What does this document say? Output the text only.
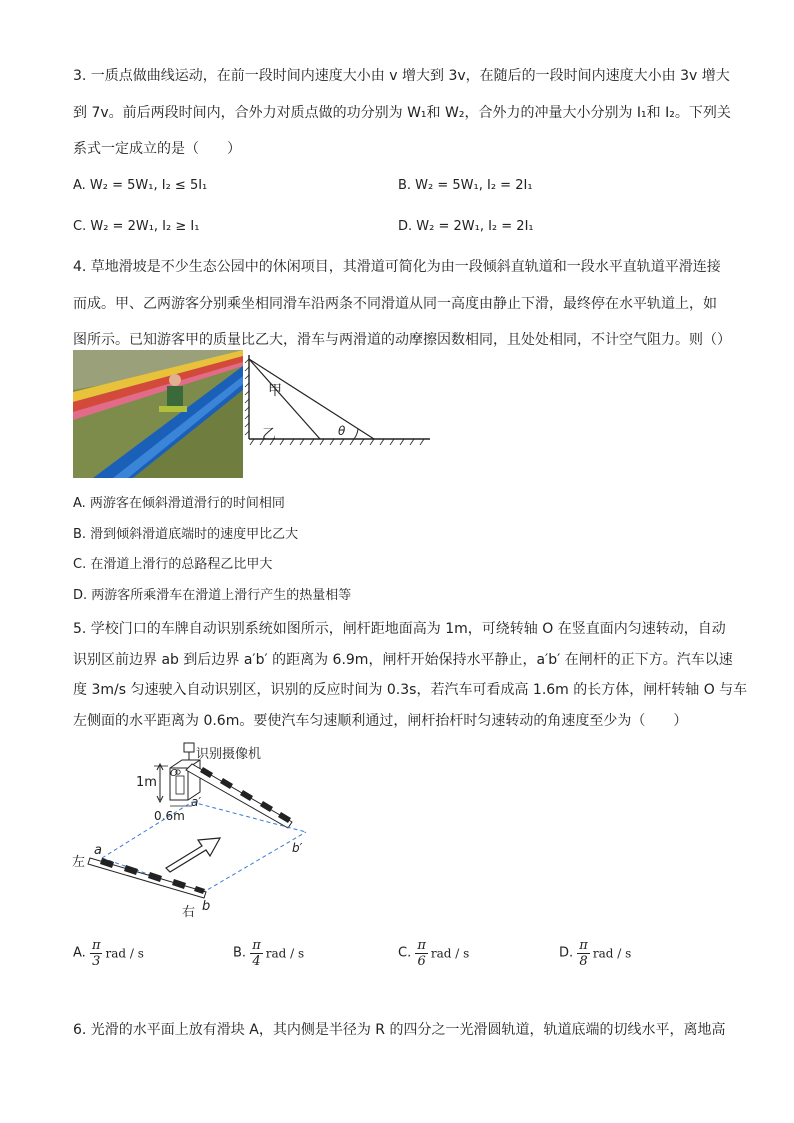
3. 一质点做曲线运动，在前一段时间内速度大小由 v 增大到 3v，在随后的一段时间内速度大小由 3v 增大
到 7v。前后两段时间内，合外力对质点做的功分别为 W₁和 W₂，合外力的冲量大小分别为 I₁和 I₂。下列关
系式一定成立的是（　　）
A. W₂ = 5W₁, I₂ ≤ 5I₁	B. W₂ = 5W₁, I₂ = 2I₁
C. W₂ = 2W₁, I₂ ≥ I₁	D. W₂ = 2W₁, I₂ = 2I₁
4. 草地滑坡是不少生态公园中的休闲项目，其滑道可简化为由一段倾斜直轨道和一段水平直轨道平滑连接
而成。甲、乙两游客分别乘坐相同滑车沿两条不同滑道从同一高度由静止下滑，最终停在水平轨道上，如
图所示。已知游客甲的质量比乙大，滑车与两滑道的动摩擦因数相同，且处处相同，不计空气阻力。则（）
甲
乙	θ
A. 两游客在倾斜滑道滑行的时间相同
B. 滑到倾斜滑道底端时的速度甲比乙大
C. 在滑道上滑行的总路程乙比甲大
D. 两游客所乘滑车在滑道上滑行产生的热量相等
5. 学校门口的车牌自动识别系统如图所示，闸杆距地面高为 1m，可绕转轴 O 在竖直面内匀速转动，自动
识别区前边界 ab 到后边界 a′b′ 的距离为 6.9m，闸杆开始保持水平静止，a′b′ 在闸杆的正下方。汽车以速
度 3m/s 匀速驶入自动识别区，识别的反应时间为 0.3s，若汽车可看成高 1.6m 的长方体，闸杆转轴 O 与车
左侧面的水平距离为 0.6m。要使汽车匀速顺利通过，闸杆抬杆时匀速转动的角速度至少为（　　）
1m
0.6m
O
a′
b′
a
b
左
右
识别摄像机
A. $\frac{\pi}{3}$ rad / s	B. $\frac{\pi}{4}$ rad / s	C. $\frac{\pi}{6}$ rad / s	D. $\frac{\pi}{8}$ rad / s
6. 光滑的水平面上放有滑块 A，其内侧是半径为 R 的四分之一光滑圆轨道，轨道底端的切线水平，离地高
